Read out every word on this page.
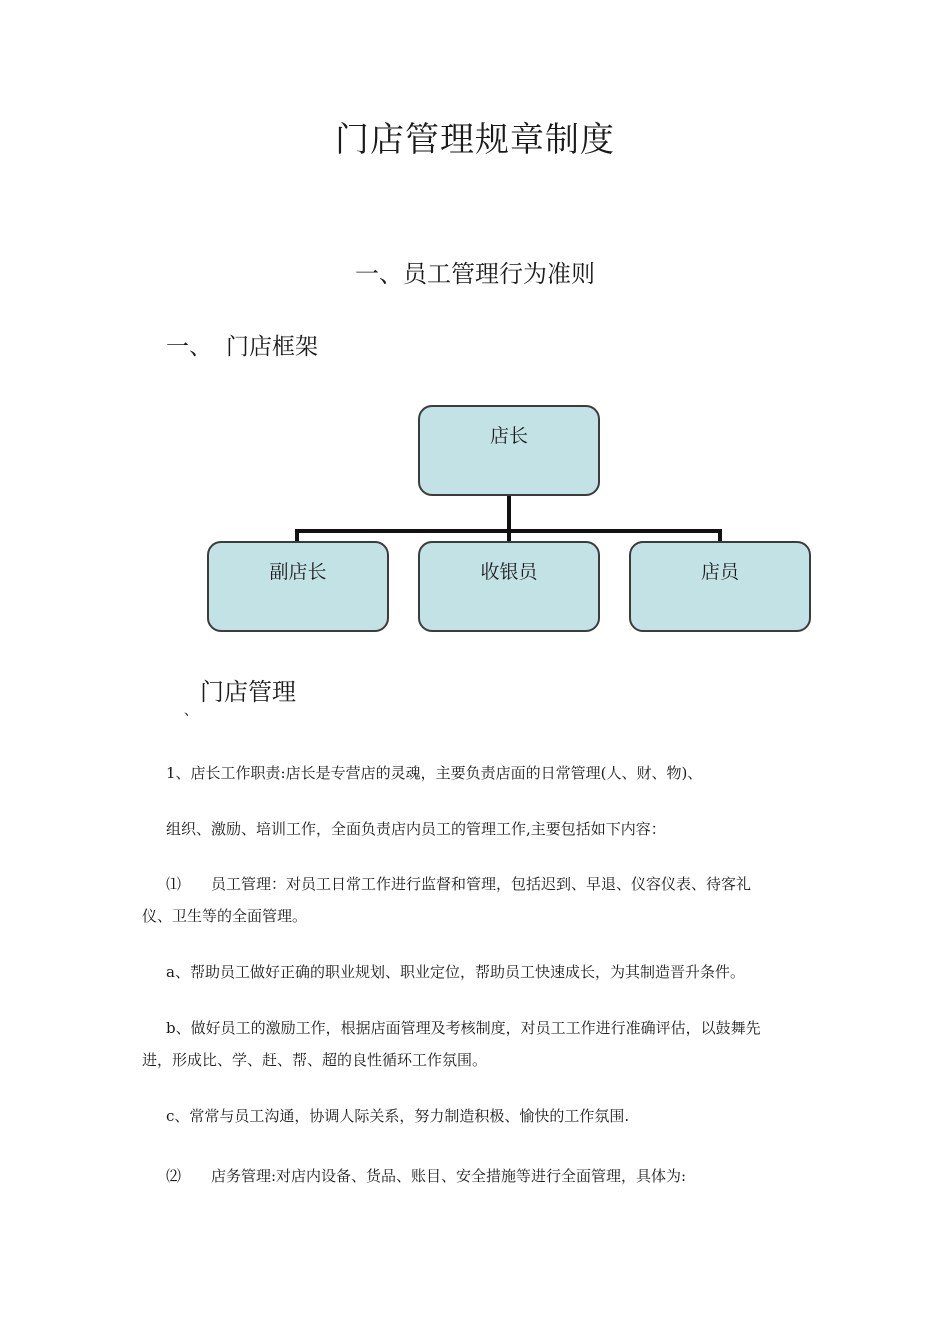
门店管理规章制度
一、员工管理行为准则
一、 门店框架
店长
副店长	收银员	店员
门店管理
、
1、店长工作职责:店长是专营店的灵魂，主要负责店面的日常管理(人、财、物)、
组织、激励、培训工作，全面负责店内员工的管理工作,主要包括如下内容：
⑴　　员工管理：对员工日常工作进行监督和管理，包括迟到、早退、仪容仪表、待客礼
仪、卫生等的全面管理。
a、帮助员工做好正确的职业规划、职业定位，帮助员工快速成长，为其制造晋升条件。
b、做好员工的激励工作，根据店面管理及考核制度，对员工工作进行准确评估，以鼓舞先
进，形成比、学、赶、帮、超的良性循环工作氛围。
c、常常与员工沟通，协调人际关系，努力制造积极、愉快的工作氛围.
⑵　　店务管理:对店内设备、货品、账目、安全措施等进行全面管理，具体为:
